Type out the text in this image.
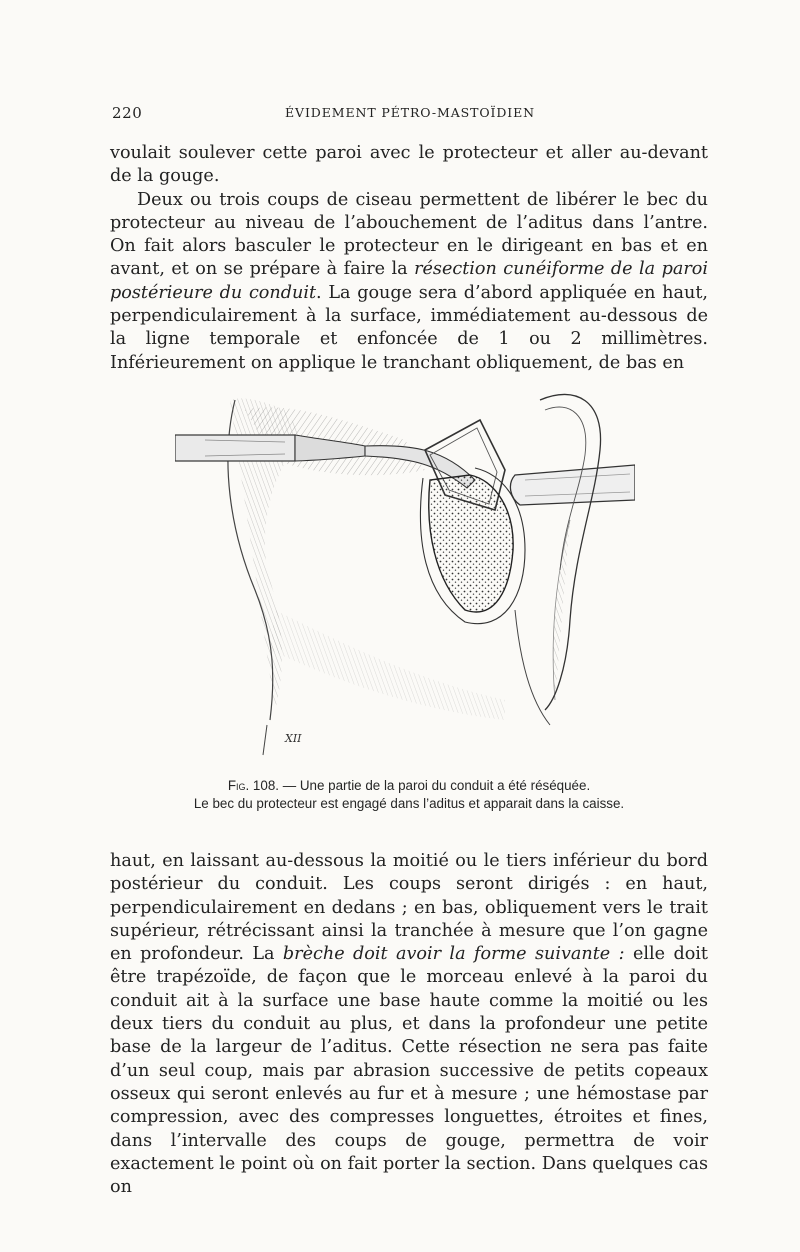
220	ÉVIDEMENT PÉTRO-MASTOÏDIEN

voulait soulever cette paroi avec le protecteur et aller au-devant de la gouge.

Deux ou trois coups de ciseau permettent de libérer le bec du protecteur au niveau de l’abouchement de l’aditus dans l’antre. On fait alors basculer le protecteur en le dirigeant en bas et en avant, et on se prépare à faire la résection cunéiforme de la paroi postérieure du conduit. La gouge sera d’abord appliquée en haut, perpendiculairement à la surface, immédiatement au-dessous de la ligne temporale et enfoncée de 1 ou 2 millimètres. Inférieurement on applique le tranchant obliquement, de bas en

XII
Fig. 108. — Une partie de la paroi du conduit a été réséquée.
Le bec du protecteur est engagé dans l’aditus et apparait dans la caisse.

haut, en laissant au-dessous la moitié ou le tiers inférieur du bord postérieur du conduit. Les coups seront dirigés : en haut, perpendiculairement en dedans ; en bas, obliquement vers le trait supérieur, rétrécissant ainsi la tranchée à mesure que l’on gagne en profondeur. La brèche doit avoir la forme suivante : elle doit être trapézoïde, de façon que le morceau enlevé à la paroi du conduit ait à la surface une base haute comme la moitié ou les deux tiers du conduit au plus, et dans la profondeur une petite base de la largeur de l’aditus. Cette résection ne sera pas faite d’un seul coup, mais par abrasion successive de petits copeaux osseux qui seront enlevés au fur et à mesure ; une hémostase par compression, avec des compresses longuettes, étroites et fines, dans l’intervalle des coups de gouge, permettra de voir exactement le point où on fait porter la section. Dans quelques cas on
